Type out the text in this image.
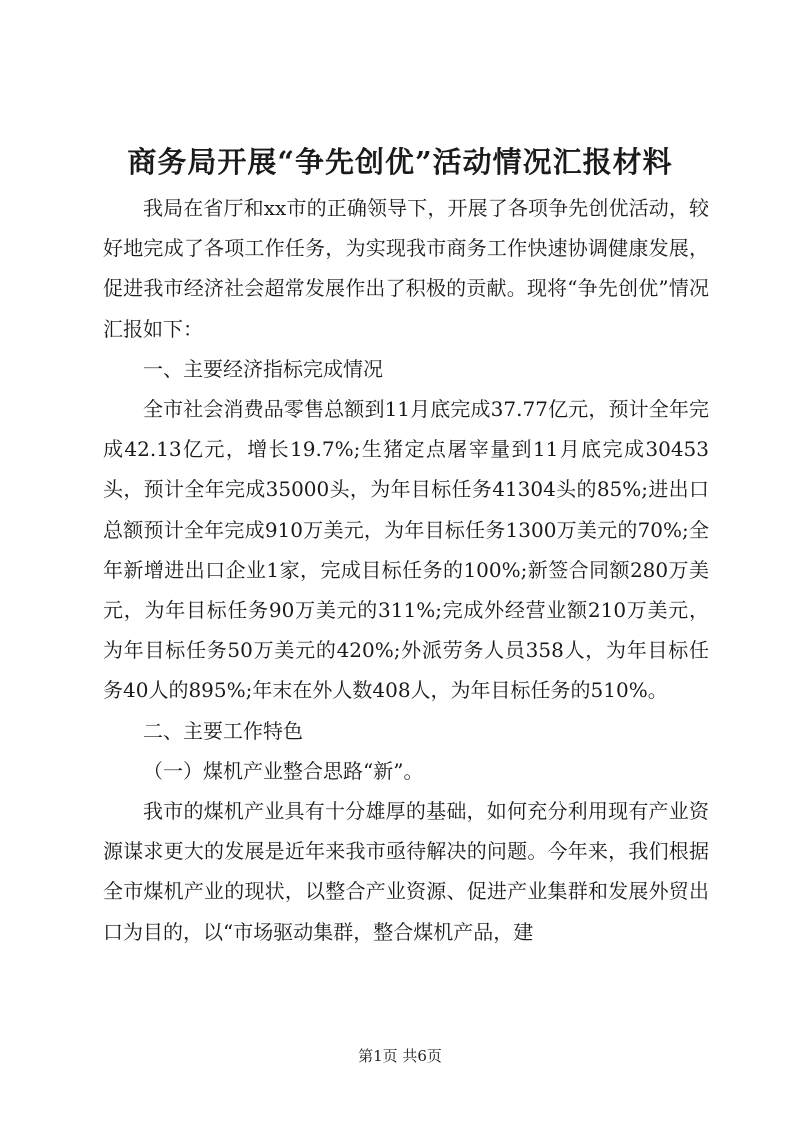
商务局开展“争先创优”活动情况汇报材料

我局在省厅和xx市的正确领导下，开展了各项争先创优活动，较好地完成了各项工作任务，为实现我市商务工作快速协调健康发展，促进我市经济社会超常发展作出了积极的贡献。现将“争先创优”情况汇报如下：

一、主要经济指标完成情况

全市社会消费品零售总额到11月底完成37.77亿元，预计全年完成42.13亿元，增长19.7%;生猪定点屠宰量到11月底完成30453头，预计全年完成35000头，为年目标任务41304头的85%;进出口总额预计全年完成910万美元，为年目标任务1300万美元的70%;全年新增进出口企业1家，完成目标任务的100%;新签合同额280万美元，为年目标任务90万美元的311%;完成外经营业额210万美元，为年目标任务50万美元的420%;外派劳务人员358人，为年目标任务40人的895%;年末在外人数408人，为年目标任务的510%。

二、主要工作特色

（一）煤机产业整合思路“新”。

我市的煤机产业具有十分雄厚的基础，如何充分利用现有产业资源谋求更大的发展是近年来我市亟待解决的问题。今年来，我们根据全市煤机产业的现状，以整合产业资源、促进产业集群和发展外贸出口为目的，以“市场驱动集群，整合煤机产品，建

第1页 共6页
